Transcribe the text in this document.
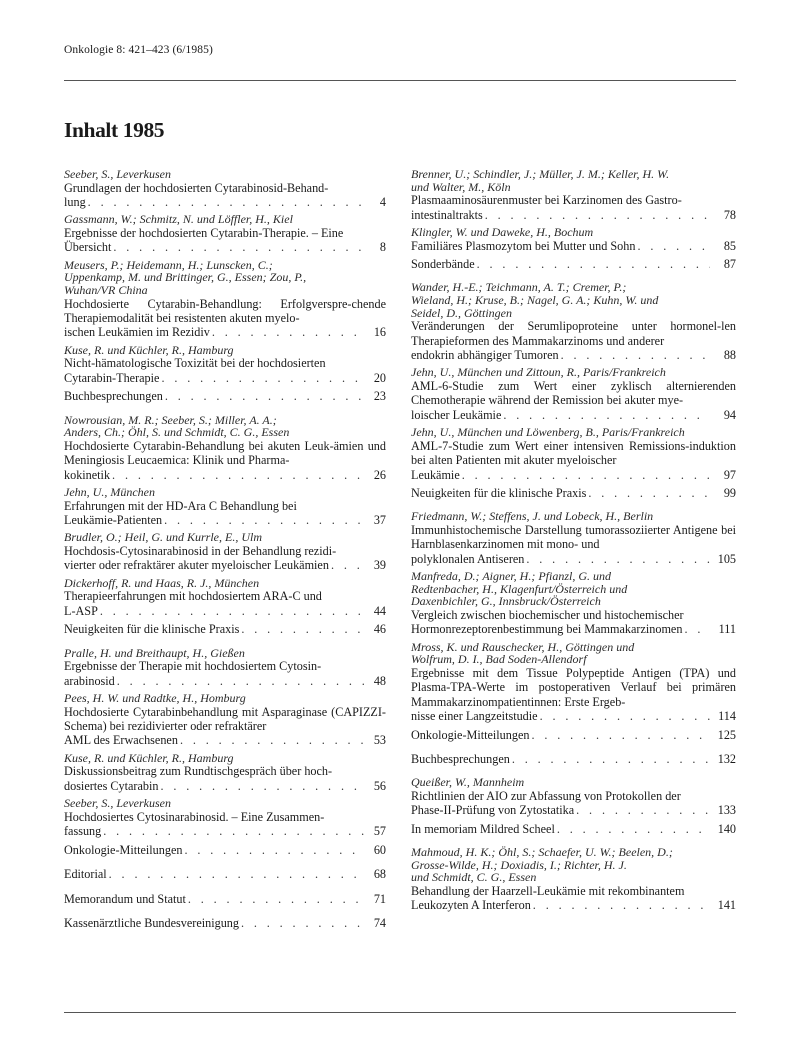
Onkologie 8: 421–423 (6/1985)
Inhalt 1985
Seeber, S., Leverkusen
Grundlagen der hochdosierten Cytarabinosid-Behand-
lung . . .	4
Gassmann, W.; Schmitz, N. und Löffler, H., Kiel
Ergebnisse der hochdosierten Cytarabin-Therapie. – Eine
Übersicht . . .	8
Meusers, P.; Heidemann, H.; Lunscken, C.;
Uppenkamp, M. und Brittinger, G., Essen; Zou, P.,
Wuhan/VR China
Hochdosierte Cytarabin-Behandlung: Erfolgverspre-chende Therapiemodalität bei resistenten akuten myelo-
ischen Leukämien im Rezidiv . . .	16
Kuse, R. und Küchler, R., Hamburg
Nicht-hämatologische Toxizität bei der hochdosierten
Cytarabin-Therapie . . .	20
Buchbesprechungen . . .	23
Nowrousian, M. R.; Seeber, S.; Miller, A. A.;
Anders, Ch.; Öhl, S. und Schmidt, C. G., Essen
Hochdosierte Cytarabin-Behandlung bei akuten Leuk-ämien und Meningiosis Leucaemica: Klinik und Pharma-
kokinetik . . .	26
Jehn, U., München
Erfahrungen mit der HD-Ara C Behandlung bei
Leukämie-Patienten . . .	37
Brudler, O.; Heil, G. und Kurrle, E., Ulm
Hochdosis-Cytosinarabinosid in der Behandlung rezidi-
vierter oder refraktärer akuter myeloischer Leukämien . . .	39
Dickerhoff, R. und Haas, R. J., München
Therapieerfahrungen mit hochdosiertem ARA-C und
L-ASP . . .	44
Neuigkeiten für die klinische Praxis . . .	46
Pralle, H. und Breithaupt, H., Gießen
Ergebnisse der Therapie mit hochdosiertem Cytosin-
arabinosid . . .	48
Pees, H. W. und Radtke, H., Homburg
Hochdosierte Cytarabinbehandlung mit Asparaginase (CAPIZZI-Schema) bei rezidivierter oder refraktärer
AML des Erwachsenen . . .	53
Kuse, R. und Küchler, R., Hamburg
Diskussionsbeitrag zum Rundtischgespräch über hoch-
dosiertes Cytarabin . . .	56
Seeber, S., Leverkusen
Hochdosiertes Cytosinarabinosid. – Eine Zusammen-
fassung . . .	57
Onkologie-Mitteilungen . . .	60
Editorial . . .	68
Memorandum und Statut . . .	71
Kassenärztliche Bundesvereinigung . . .	74
Brenner, U.; Schindler, J.; Müller, J. M.; Keller, H. W.
und Walter, M., Köln
Plasmaaminosäurenmuster bei Karzinomen des Gastro-
intestinaltrakts . . .	78
Klingler, W. und Daweke, H., Bochum
Familiäres Plasmozytom bei Mutter und Sohn . . .	85
Sonderbände . . .	87
Wander, H.-E.; Teichmann, A. T.; Cremer, P.;
Wieland, H.; Kruse, B.; Nagel, G. A.; Kuhn, W. und
Seidel, D., Göttingen
Veränderungen der Serumlipoproteine unter hormonel-len Therapieformen des Mammakarzinoms und anderer
endokrin abhängiger Tumoren . . .	88
Jehn, U., München und Zittoun, R., Paris/Frankreich
AML-6-Studie zum Wert einer zyklisch alternierenden Chemotherapie während der Remission bei akuter mye-
loischer Leukämie . . .	94
Jehn, U., München und Löwenberg, B., Paris/Frankreich
AML-7-Studie zum Wert einer intensiven Remissions-induktion bei alten Patienten mit akuter myeloischer
Leukämie . . .	97
Neuigkeiten für die klinische Praxis . . .	99
Friedmann, W.; Steffens, J. und Lobeck, H., Berlin
Immunhistochemische Darstellung tumorassoziierter Antigene bei Harnblasenkarzinomen mit mono- und
polyklonalen Antiseren . . .	105
Manfreda, D.; Aigner, H.; Pfianzl, G. und
Redtenbacher, H., Klagenfurt/Österreich und
Daxenbichler, G., Innsbruck/Österreich
Vergleich zwischen biochemischer und histochemischer
Hormonrezeptorenbestimmung bei Mammakarzinomen . . .	111
Mross, K. und Rauschecker, H., Göttingen und
Wolfrum, D. I., Bad Soden-Allendorf
Ergebnisse mit dem Tissue Polypeptide Antigen (TPA) und Plasma-TPA-Werte im postoperativen Verlauf bei primären Mammakarzinompatientinnen: Erste Ergeb-
nisse einer Langzeitstudie . . .	114
Onkologie-Mitteilungen . . .	125
Buchbesprechungen . . .	132
Queißer, W., Mannheim
Richtlinien der AIO zur Abfassung von Protokollen der
Phase-II-Prüfung von Zytostatika . . .	133
In memoriam Mildred Scheel . . .	140
Mahmoud, H. K.; Öhl, S.; Schaefer, U. W.; Beelen, D.;
Grosse-Wilde, H.; Doxiadis, I.; Richter, H. J.
und Schmidt, C. G., Essen
Behandlung der Haarzell-Leukämie mit rekombinantem
Leukozyten A Interferon . . .	141
